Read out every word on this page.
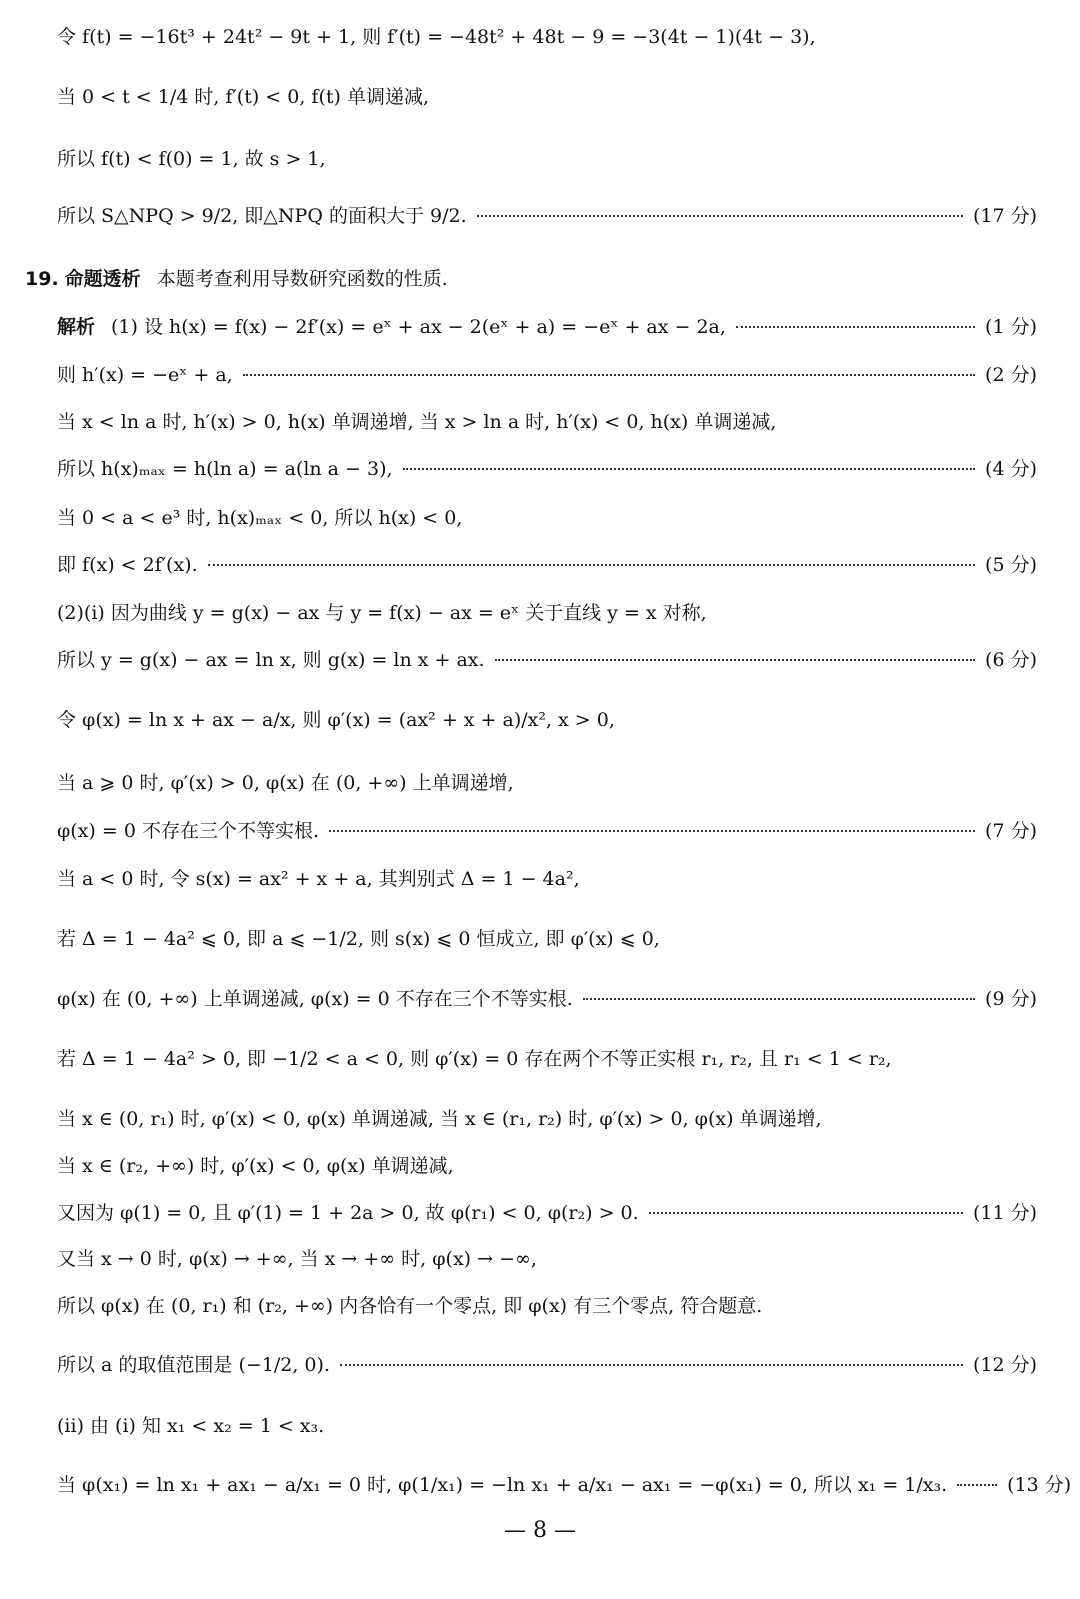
令 f(t) = −16t³ + 24t² − 9t + 1, 则 f′(t) = −48t² + 48t − 9 = −3(4t − 1)(4t − 3),
当 0 < t < 1/4 时, f′(t) < 0, f(t) 单调递减,
所以 f(t) < f(0) = 1, 故 s > 1,
所以 S△NPQ > 9/2, 即△NPQ 的面积大于 9/2.	(17 分)
19. 命题透析 本题考查利用导数研究函数的性质.
解析 (1) 设 h(x) = f(x) − 2f′(x) = eˣ + ax − 2(eˣ + a) = −eˣ + ax − 2a,	(1 分)
则 h′(x) = −eˣ + a,	(2 分)
当 x < ln a 时, h′(x) > 0, h(x) 单调递增, 当 x > ln a 时, h′(x) < 0, h(x) 单调递减,
所以 h(x)ₘₐₓ = h(ln a) = a(ln a − 3),	(4 分)
当 0 < a < e³ 时, h(x)ₘₐₓ < 0, 所以 h(x) < 0,
即 f(x) < 2f′(x).	(5 分)
(2)(ⅰ) 因为曲线 y = g(x) − ax 与 y = f(x) − ax = eˣ 关于直线 y = x 对称,
所以 y = g(x) − ax = ln x, 则 g(x) = ln x + ax.	(6 分)
令 φ(x) = ln x + ax − a/x, 则 φ′(x) = (ax² + x + a)/x², x > 0,
当 a ⩾ 0 时, φ′(x) > 0, φ(x) 在 (0, +∞) 上单调递增,
φ(x) = 0 不存在三个不等实根.	(7 分)
当 a < 0 时, 令 s(x) = ax² + x + a, 其判别式 Δ = 1 − 4a²,
若 Δ = 1 − 4a² ⩽ 0, 即 a ⩽ −1/2, 则 s(x) ⩽ 0 恒成立, 即 φ′(x) ⩽ 0,
φ(x) 在 (0, +∞) 上单调递减, φ(x) = 0 不存在三个不等实根.	(9 分)
若 Δ = 1 − 4a² > 0, 即 −1/2 < a < 0, 则 φ′(x) = 0 存在两个不等正实根 r₁, r₂, 且 r₁ < 1 < r₂,
当 x ∈ (0, r₁) 时, φ′(x) < 0, φ(x) 单调递减, 当 x ∈ (r₁, r₂) 时, φ′(x) > 0, φ(x) 单调递增,
当 x ∈ (r₂, +∞) 时, φ′(x) < 0, φ(x) 单调递减,
又因为 φ(1) = 0, 且 φ′(1) = 1 + 2a > 0, 故 φ(r₁) < 0, φ(r₂) > 0.	(11 分)
又当 x → 0 时, φ(x) → +∞, 当 x → +∞ 时, φ(x) → −∞,
所以 φ(x) 在 (0, r₁) 和 (r₂, +∞) 内各恰有一个零点, 即 φ(x) 有三个零点, 符合题意.
所以 a 的取值范围是 (−1/2, 0).	(12 分)
(ⅱ) 由 (ⅰ) 知 x₁ < x₂ = 1 < x₃.
当 φ(x₁) = ln x₁ + ax₁ − a/x₁ = 0 时, φ(1/x₁) = −ln x₁ + a/x₁ − ax₁ = −φ(x₁) = 0, 所以 x₁ = 1/x₃.	(13 分)
— 8 —
